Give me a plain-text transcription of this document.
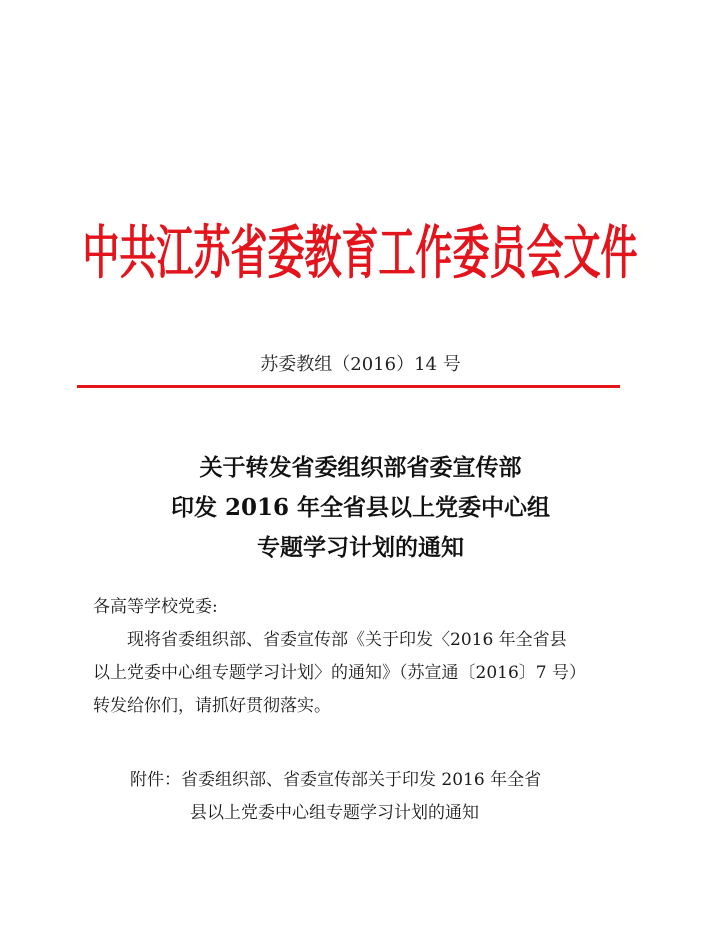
中共江苏省委教育工作委员会文件
苏委教组（2016）14 号
关于转发省委组织部省委宣传部
印发 2016 年全省县以上党委中心组
专题学习计划的通知
各高等学校党委:
现将省委组织部、省委宣传部《关于印发〈2016 年全省县
以上党委中心组专题学习计划〉的通知》（苏宣通〔2016〕7 号）
转发给你们，请抓好贯彻落实。
附件：省委组织部、省委宣传部关于印发 2016 年全省
县以上党委中心组专题学习计划的通知
